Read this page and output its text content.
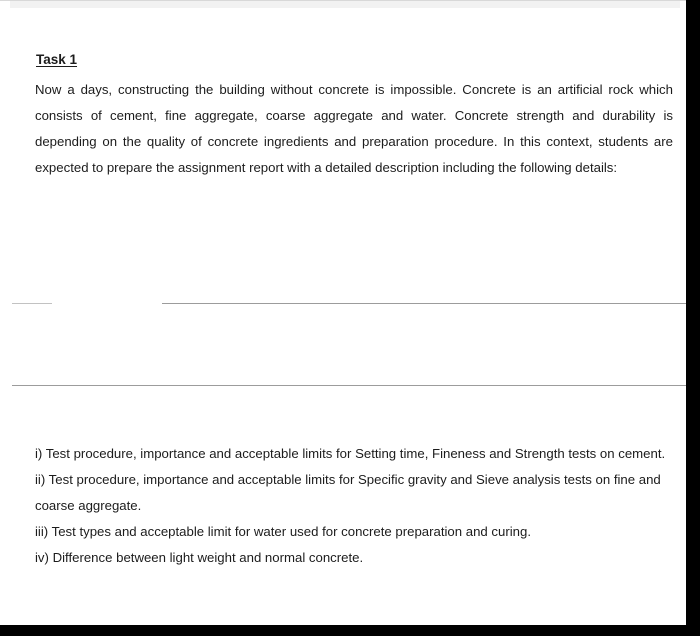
Task 1

Now a days, constructing the building without concrete is impossible. Concrete is an artificial rock which consists of cement, fine aggregate, coarse aggregate and water. Concrete strength and durability is depending on the quality of concrete ingredients and preparation procedure. In this context, students are expected to prepare the assignment report with a detailed description including the following details:

i) Test procedure, importance and acceptable limits for Setting time, Fineness and Strength tests on cement.
ii) Test procedure, importance and acceptable limits for Specific gravity and Sieve analysis tests on fine and coarse aggregate.
iii) Test types and acceptable limit for water used for concrete preparation and curing.
iv) Difference between light weight and normal concrete.
